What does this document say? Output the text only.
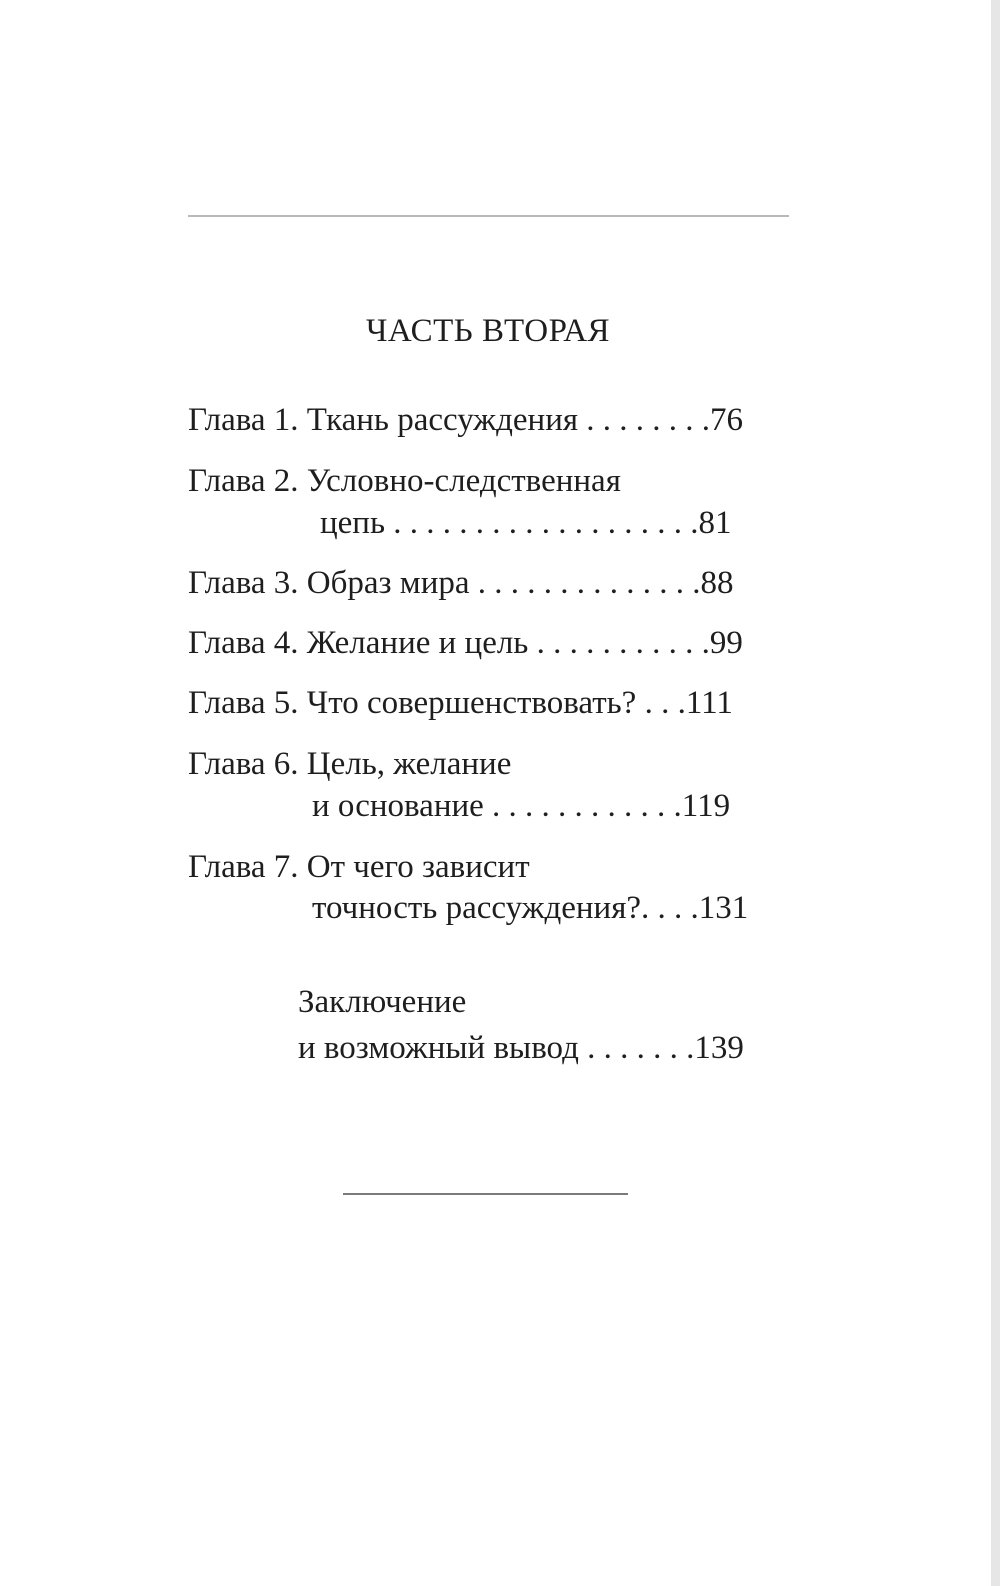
ЧАСТЬ ВТОРАЯ
Глава 1. Ткань рассуждения . . . . . . . .76
Глава 2. Условно-следственная
цепь . . . . . . . . . . . . . . . . . . .81
Глава 3. Образ мира . . . . . . . . . . . . . .88
Глава 4. Желание и цель . . . . . . . . . . .99
Глава 5. Что совершенствовать? . . .111
Глава 6. Цель, желание
и основание . . . . . . . . . . . .119
Глава 7. От чего зависит
точность рассуждения?. . . .131
Заключение
и возможный вывод . . . . . . .139
